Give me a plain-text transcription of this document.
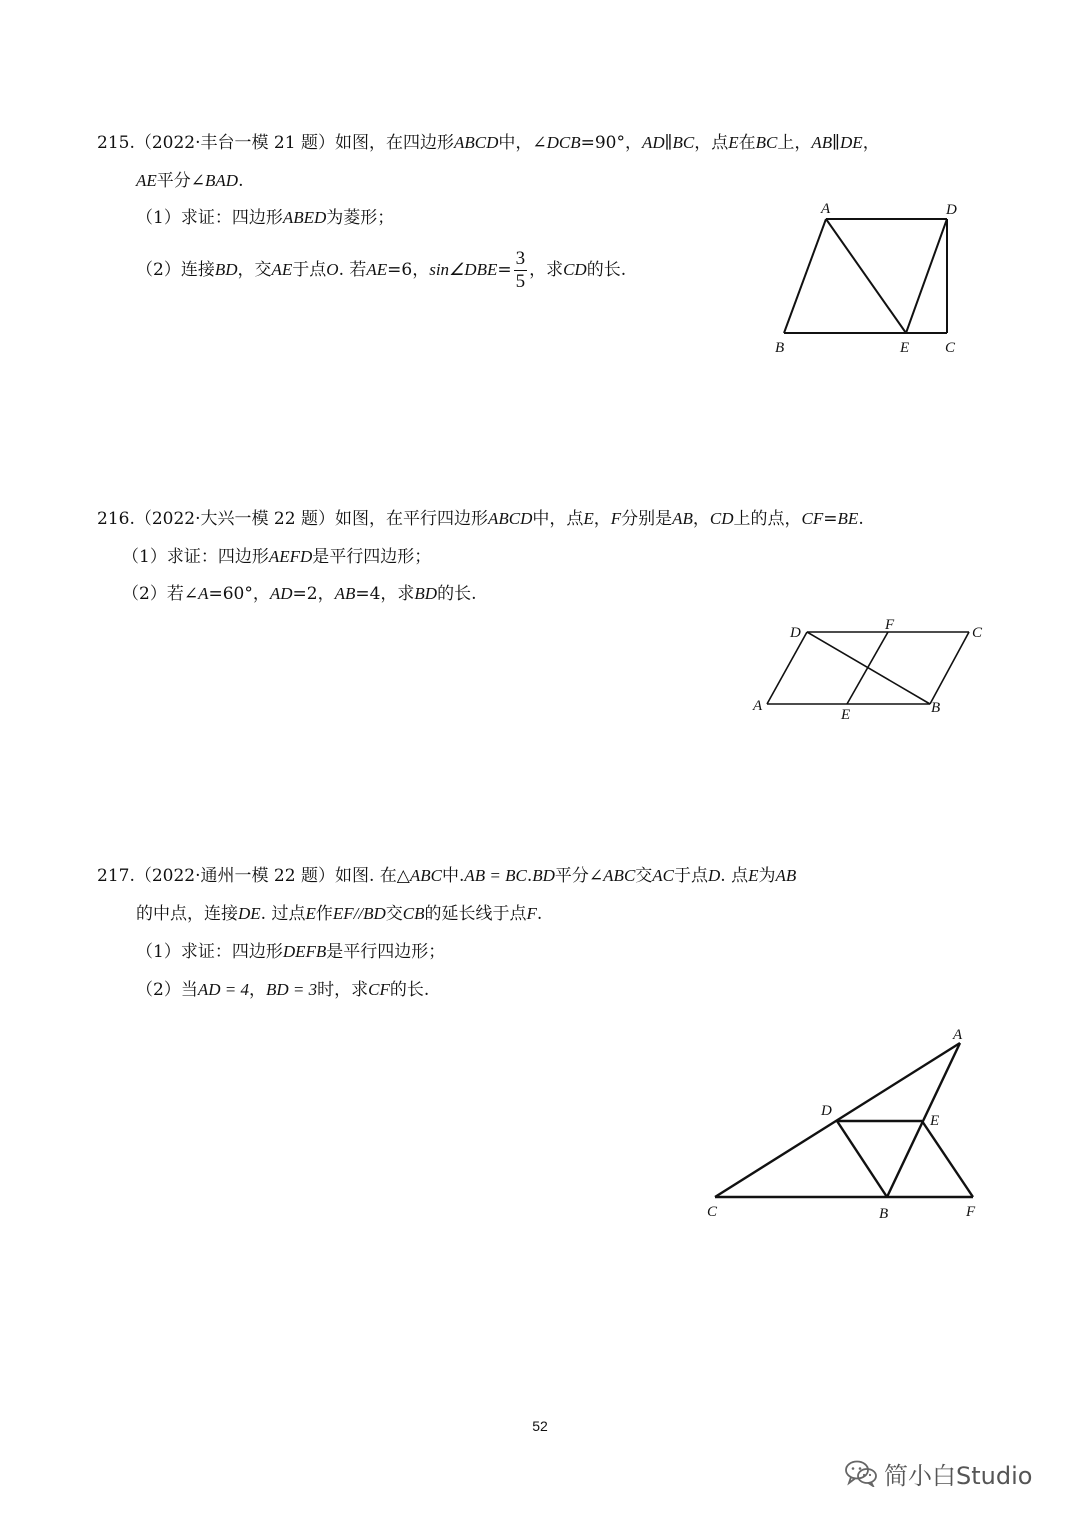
215.（2022·丰台一模 21 题）如图，在四边形ABCD中，∠DCB=90°，AD∥BC，点E在BC上，AB∥DE，
AE平分∠BAD.
（1）求证：四边形ABED为菱形；
（2）连接BD，交AE于点O. 若AE=6，sin∠DBE= $\frac{3}{5}$ ，求CD的长.
A	D
B	E C
216.（2022·大兴一模 22 题）如图，在平行四边形ABCD中，点E，F分别是AB，CD上的点，CF=BE.
（1）求证：四边形AEFD是平行四边形；
（2）若∠A=60°，AD=2，AB=4，求BD的长.
D	F	C
A
E	B
217.（2022·通州一模 22 题）如图. 在△ABC中.AB = BC.BD平分∠ABC交AC于点D. 点E为AB
的中点，连接DE. 过点E作EF//BD交CB的延长线于点F.
（1）求证：四边形DEFB是平行四边形；
（2）当AD = 4，BD = 3时，求CF的长.
A
D
E
C	B	F
52
简小白Studio
